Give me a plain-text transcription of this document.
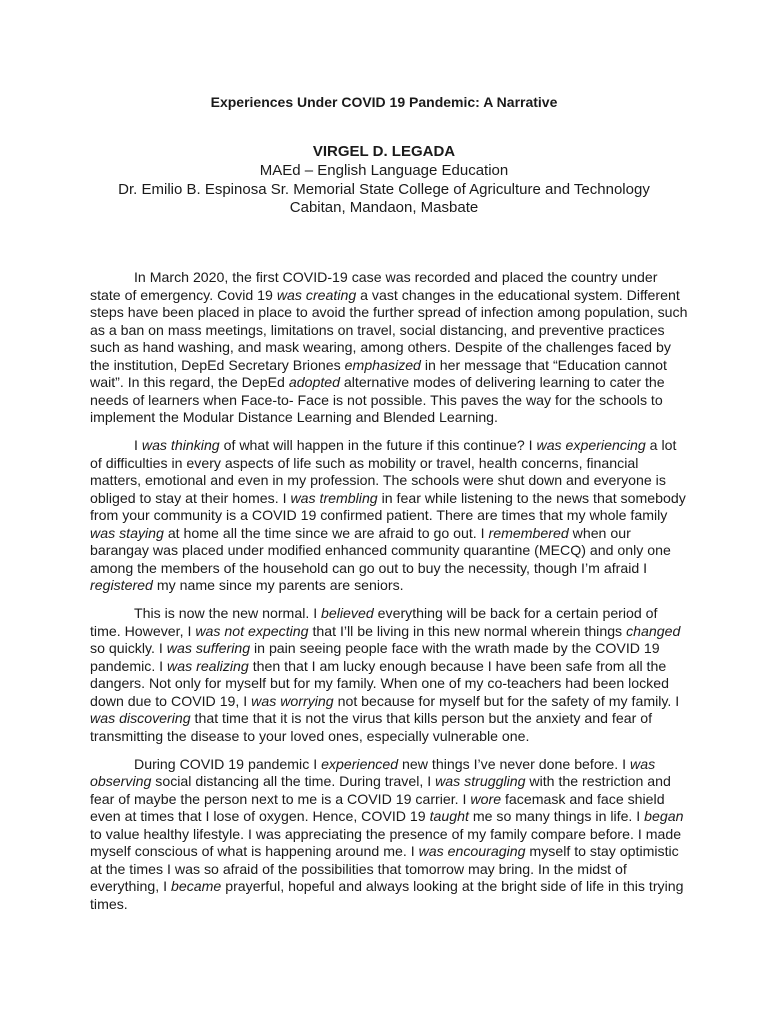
Experiences Under COVID 19 Pandemic: A Narrative

VIRGEL D. LEGADA

MAEd – English Language Education

Dr. Emilio B. Espinosa Sr. Memorial State College of Agriculture and Technology

Cabitan, Mandaon, Masbate

In March 2020, the first COVID-19 case was recorded and placed the country under state of emergency. Covid 19 was creating a vast changes in the educational system. Different steps have been placed in place to avoid the further spread of infection among population, such as a ban on mass meetings, limitations on travel, social distancing, and preventive practices such as hand washing, and mask wearing, among others. Despite of the challenges faced by the institution, DepEd Secretary Briones emphasized in her message that “Education cannot wait”. In this regard, the DepEd adopted alternative modes of delivering learning to cater the needs of learners when Face-to- Face is not possible. This paves the way for the schools to implement the Modular Distance Learning and Blended Learning.

I was thinking of what will happen in the future if this continue? I was experiencing a lot of difficulties in every aspects of life such as mobility or travel, health concerns, financial matters, emotional and even in my profession. The schools were shut down and everyone is obliged to stay at their homes. I was trembling in fear while listening to the news that somebody from your community is a COVID 19 confirmed patient. There are times that my whole family was staying at home all the time since we are afraid to go out. I remembered when our barangay was placed under modified enhanced community quarantine (MECQ) and only one among the members of the household can go out to buy the necessity, though I’m afraid I registered my name since my parents are seniors.

This is now the new normal. I believed everything will be back for a certain period of time. However, I was not expecting that I’ll be living in this new normal wherein things changed so quickly. I was suffering in pain seeing people face with the wrath made by the COVID 19 pandemic. I was realizing then that I am lucky enough because I have been safe from all the dangers. Not only for myself but for my family. When one of my co-teachers had been locked down due to COVID 19, I was worrying not because for myself but for the safety of my family. I was discovering that time that it is not the virus that kills person but the anxiety and fear of transmitting the disease to your loved ones, especially vulnerable one.

During COVID 19 pandemic I experienced new things I’ve never done before. I was observing social distancing all the time. During travel, I was struggling with the restriction and fear of maybe the person next to me is a COVID 19 carrier. I wore facemask and face shield even at times that I lose of oxygen. Hence, COVID 19 taught me so many things in life. I began to value healthy lifestyle. I was appreciating the presence of my family compare before. I made myself conscious of what is happening around me. I was encouraging myself to stay optimistic at the times I was so afraid of the possibilities that tomorrow may bring. In the midst of everything, I became prayerful, hopeful and always looking at the bright side of life in this trying times.
